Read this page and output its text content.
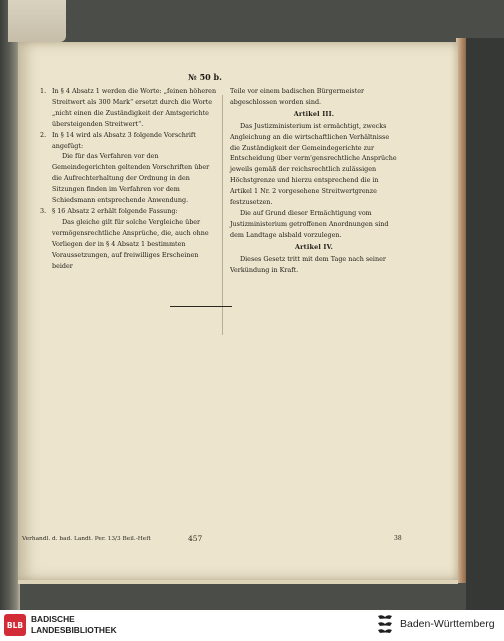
№ 50 b.
1. In § 4 Absatz 1 werden die Worte: „feinen höheren Streitwert als 300 Mark“ ersetzt durch die Worte „nicht einen die Zuständigkeit der Amtsgerichte übersteigenden Streitwert“.

2. In § 14 wird als Absatz 3 folgende Vorschrift angefügt:

Die für das Verfahren vor den Gemeindegerichten geltenden Vorschriften über die Aufrechterhaltung der Ordnung in den Sitzungen finden im Verfahren vor dem Schiedsmann entsprechende Anwendung.

3. § 16 Absatz 2 erhält folgende Fassung:

Das gleiche gilt für solche Vergleiche über vermögensrechtliche Ansprüche, die, auch ohne Vorliegen der in § 4 Absatz 1 bestimmten Voraussetzungen, auf freiwilliges Erscheinen beider

Teile vor einem badischen Bürgermeister abgeschlossen worden sind.

Artikel III.

Das Justizministerium ist ermächtigt, zwecks Angleichung an die wirtschaftlichen Verhältnisse die Zuständigkeit der Gemeindegerichte zur Entscheidung über verm'gensrechtliche Ansprüche jeweils gemäß der reichsrechtlich zulässigen Höchstgrenze und hierzu entsprechend die in Artikel 1 Nr. 2 vorgesehene Streitwertgrenze festzusetzen.

Die auf Grund dieser Ermächtigung vom Justizministerium getroffenen Anordnungen sind dem Landtage alsbald vorzulegen.

Artikel IV.

Dieses Gesetz tritt mit dem Tage nach seiner Verkündung in Kraft.

Verhandl. d. bad. Landt. Per. 13/3 Beil.-Heft	457	38
BLB
BADISCHE
LANDESBIBLIOTHEK	Baden-Württemberg
